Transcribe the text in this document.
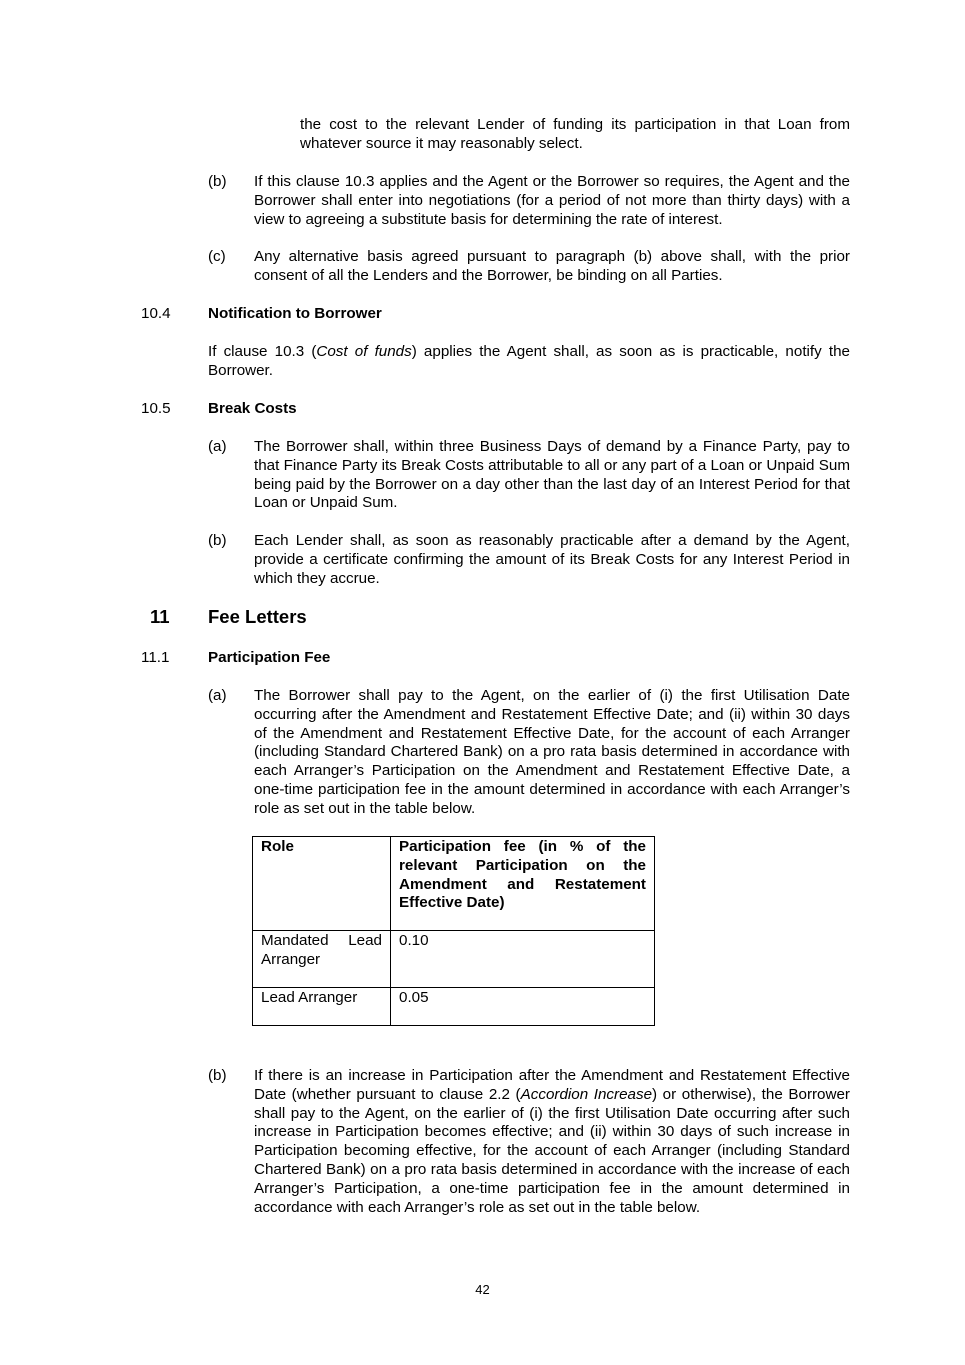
the cost to the relevant Lender of funding its participation in that Loan from whatever source it may reasonably select.
(b) If this clause 10.3 applies and the Agent or the Borrower so requires, the Agent and the Borrower shall enter into negotiations (for a period of not more than thirty days) with a view to agreeing a substitute basis for determining the rate of interest.
(c) Any alternative basis agreed pursuant to paragraph (b) above shall, with the prior consent of all the Lenders and the Borrower, be binding on all Parties.
10.4 Notification to Borrower
If clause 10.3 (Cost of funds) applies the Agent shall, as soon as is practicable, notify the Borrower.
10.5 Break Costs
(a) The Borrower shall, within three Business Days of demand by a Finance Party, pay to that Finance Party its Break Costs attributable to all or any part of a Loan or Unpaid Sum being paid by the Borrower on a day other than the last day of an Interest Period for that Loan or Unpaid Sum.
(b) Each Lender shall, as soon as reasonably practicable after a demand by the Agent, provide a certificate confirming the amount of its Break Costs for any Interest Period in which they accrue.
11 Fee Letters
11.1	Participation Fee
(a) The Borrower shall pay to the Agent, on the earlier of (i) the first Utilisation Date occurring after the Amendment and Restatement Effective Date; and (ii) within 30 days of the Amendment and Restatement Effective Date, for the account of each Arranger (including Standard Chartered Bank) on a pro rata basis determined in accordance with each Arranger’s Participation on the Amendment and Restatement Effective Date, a one-time participation fee in the amount determined in accordance with each Arranger’s role as set out in the table below.
Role	Participation fee (in % of the relevant Participation on the Amendment and Restatement Effective Date)
Mandated Lead Arranger	0.10
Lead Arranger	0.05
(b) If there is an increase in Participation after the Amendment and Restatement Effective Date (whether pursuant to clause 2.2 (Accordion Increase) or otherwise), the Borrower shall pay to the Agent, on the earlier of (i) the first Utilisation Date occurring after such increase in Participation becomes effective; and (ii) within 30 days of such increase in Participation becoming effective, for the account of each Arranger (including Standard Chartered Bank) on a pro rata basis determined in accordance with the increase of each Arranger’s Participation, a one-time participation fee in the amount determined in accordance with each Arranger’s role as set out in the table below.
42
